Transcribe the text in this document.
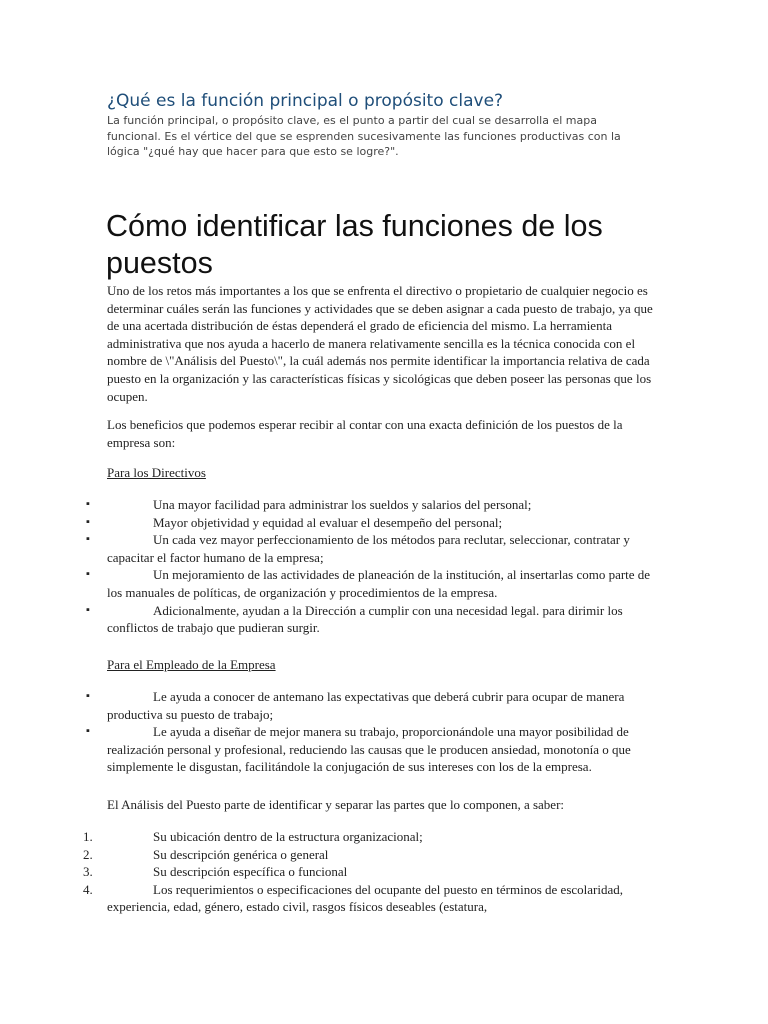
¿Qué es la función principal o propósito clave?

La función principal, o propósito clave, es el punto a partir del cual se desarrolla el mapa funcional. Es el vértice del que se esprenden sucesivamente las funciones productivas con la lógica "¿qué hay que hacer para que esto se logre?".

Cómo identificar las funciones de los puestos

Uno de los retos más importantes a los que se enfrenta el directivo o propietario de cualquier negocio es determinar cuáles serán las funciones y actividades que se deben asignar a cada puesto de trabajo, ya que de una acertada distribución de éstas dependerá el grado de eficiencia del mismo. La herramienta administrativa que nos ayuda a hacerlo de manera relativamente sencilla es la técnica conocida con el nombre de \"Análisis del Puesto\", la cuál además nos permite identificar la importancia relativa de cada puesto en la organización y las características físicas y sicológicas que deben poseer las personas que los ocupen.

Los beneficios que podemos esperar recibir al contar con una exacta definición de los puestos de la empresa son:

Para los Directivos

▪	Una mayor facilidad para administrar los sueldos y salarios del personal;
▪	Mayor objetividad y equidad al evaluar el desempeño del personal;
▪	Un cada vez mayor perfeccionamiento de los métodos para reclutar, seleccionar, contratar y capacitar el factor humano de la empresa;
▪	Un mejoramiento de las actividades de planeación de la institución, al insertarlas como parte de los manuales de políticas, de organización y procedimientos de la empresa.
▪	Adicionalmente, ayudan a la Dirección a cumplir con una necesidad legal. para dirimir los conflictos de trabajo que pudieran surgir.

Para el Empleado de la Empresa

▪	Le ayuda a conocer de antemano las expectativas que deberá cubrir para ocupar de manera productiva su puesto de trabajo;
▪	Le ayuda a diseñar de mejor manera su trabajo, proporcionándole una mayor posibilidad de realización personal y profesional, reduciendo las causas que le producen ansiedad, monotonía o que simplemente le disgustan, facilitándole la conjugación de sus intereses con los de la empresa.

El Análisis del Puesto parte de identificar y separar las partes que lo componen, a saber:

1.	Su ubicación dentro de la estructura organizacional;
2.	Su descripción genérica o general
3.	Su descripción específica o funcional
4.	Los requerimientos o especificaciones del ocupante del puesto en términos de escolaridad, experiencia, edad, género, estado civil, rasgos físicos deseables (estatura,
